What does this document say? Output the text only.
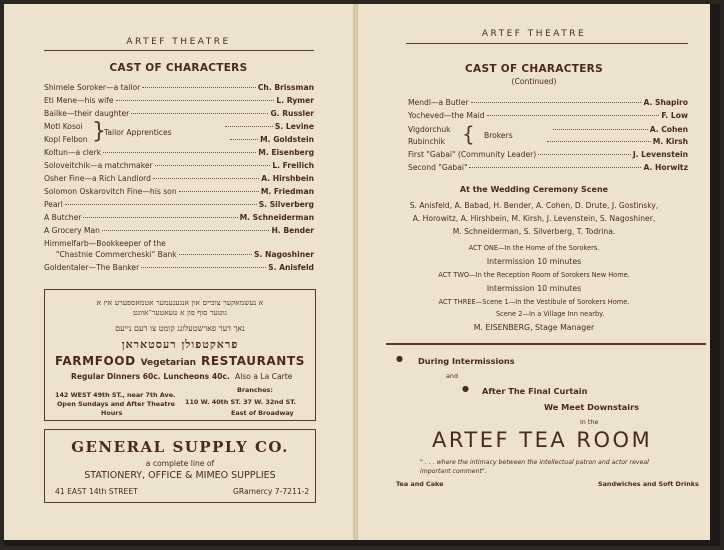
ARTEF THEATRE
CAST OF CHARACTERS
Shimele Soroker—a tailor	Ch. Brissman
Eti Mene—his wife	L. Rymer
Bailke—their daughter	G. Russler
Motl Kosoi	S. Levine
Kopl Felbon	M. Goldstein
}
Tailor Apprentices
Koltun—a clerk	M. Eisenberg
Soloveitchik—a matchmaker	L. Freilich
Osher Fine—a Rich Landlord	A. Hirshbein
Solomon Oskarovitch Fine—his son	M. Friedman
Pearl	S. Silverberg
A Butcher	M. Schneiderman
A Grocery Man	H. Bender
Himmelfarb—Bookkeeper of the
"Chastnie Commercheski" Bank	S. Nagoshiner
Goldentaler—The Banker	S. Anisfeld
א נעשמאקער צוביים און אנגענעמער אטמאספערע איז א
גוטער סוף פון א טעאטער־אוונט
נאך דער פארשטעלונג קומט צו דעם נייעם
פראקטפולן רעסטאראן
FARMFOOD Vegetarian RESTAURANTS
Regular Dinners 60c. Luncheons 40c. Also a La Carte
142 WEST 49th ST., near 7th Ave.
Open Sundays and After Theatre
Hours
Branches:
110 W. 40th ST. 37 W. 32nd ST.
East of Broadway
GENERAL SUPPLY CO.
a complete line of
STATIONERY, OFFICE & MIMEO SUPPLIES
41 EAST 14th STREET	GRamercy 7-7211-2
ARTEF THEATRE
CAST OF CHARACTERS
(Continued)
Mendl—a Butler	A. Shapiro
Yocheved—the Maid	F. Low
Vigdorchuk	A. Cohen
Rubinchik	M. Kirsh
{ Brokers
First "Gabai" (Community Leader)	J. Levenstein
Second "Gabai"	A. Horwitz
At the Wedding Ceremony Scene
S. Anisfeld, A. Babad, H. Bender, A. Cohen, D. Drute, J. Gostinsky,
A. Horowitz, A. Hirshbein, M. Kirsh, J. Levenstein, S. Nagoshiner,
M. Schneiderman, S. Silverberg, T. Todrina.
ACT ONE—In the Home of the Sorokers.
Intermission 10 minutes
ACT TWO—In the Reception Room of Sorokers New Home.
Intermission 10 minutes
ACT THREE—Scene 1—In the Vestibule of Sorokers Home.
Scene 2—In a Village Inn nearby.
M. EISENBERG, Stage Manager
● During Intermissions
and
● After The Final Curtain
We Meet Downstairs
in the
ARTEF TEA ROOM
" . . . where the intimacy between the intellectual patron and actor reveal
important comment".
Tea and Cake	Sandwiches and Soft Drinks
